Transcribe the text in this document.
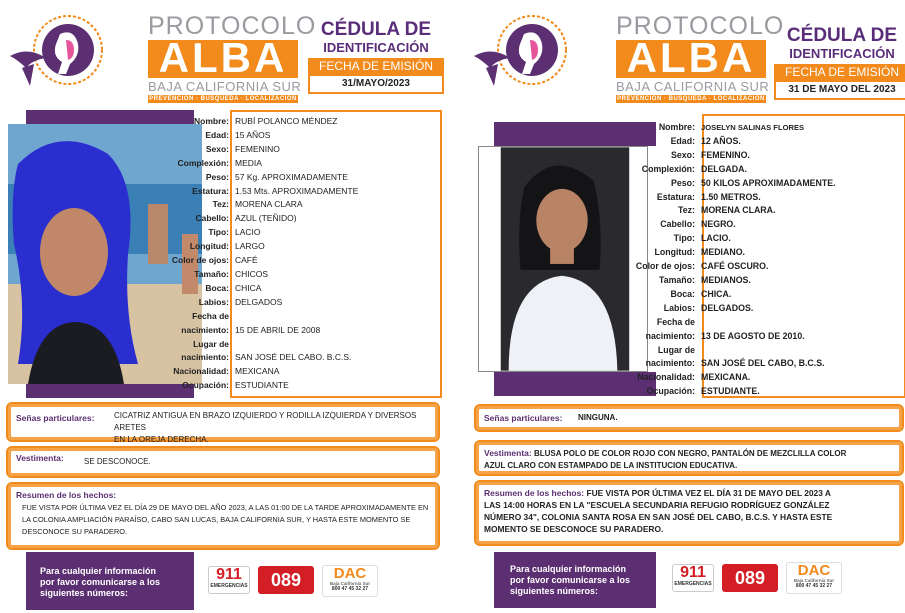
PROTOCOLO
ALBA
BAJA CALIFORNIA SUR
PREVENCIÓN · BÚSQUEDA · LOCALIZACIÓN
CÉDULA DE
IDENTIFICACIÓN
FECHA DE EMISIÓN
31/MAYO/2023
Nombre: RUBÍ POLANCO MÉNDEZ
Edad: 15 AÑOS
Sexo: FEMENINO
Complexión: MEDIA
Peso: 57 Kg. APROXIMADAMENTE
Estatura: 1.53 Mts. APROXIMADAMENTE
Tez: MORENA CLARA
Cabello: AZUL (TEÑIDO)
Tipo: LACIO
Longitud: LARGO
Color de ojos: CAFÉ
Tamaño: CHICOS
Boca: CHICA
Labios: DELGADOS
Fecha de
nacimiento: 15 DE ABRIL DE 2008
Lugar de
nacimiento: SAN JOSÉ DEL CABO. B.C.S.
Nacionalidad: MEXICANA
Ocupación: ESTUDIANTE
Señas particulares: CICATRIZ ANTIGUA EN BRAZO IZQUIERDO Y RODILLA IZQUIERDA Y DIVERSOS ARETES
EN LA OREJA DERECHA.
Vestimenta:	SE DESCONOCE.
Resumen de los hechos:
FUE VISTA POR ÚLTIMA VEZ EL DÍA 29 DE MAYO DEL AÑO 2023, A LAS 01:00 DE LA TARDE APROXIMADAMENTE EN
LA COLONIA AMPLIACIÓN PARAÍSO, CABO SAN LUCAS, BAJA CALIFORNIA SUR, Y HASTA ESTE MOMENTO SE
DESCONOCE SU PARADERO.
Para cualquier información
por favor comunicarse a los
siguientes números:
911
EMERGENCIAS	089	DAC
Baja California Sur
800 47 45 32 27
PROTOCOLO
ALBA
BAJA CALIFORNIA SUR
PREVENCIÓN · BÚSQUEDA · LOCALIZACIÓN
CÉDULA DE
IDENTIFICACIÓN
FECHA DE EMISIÓN
31 DE MAYO DEL 2023
Nombre: JOSELYN SALINAS FLORES
Edad: 12 AÑOS.
Sexo: FEMENINO.
Complexión: DELGADA.
Peso: 50 KILOS APROXIMADAMENTE.
Estatura: 1.50 METROS.
Tez: MORENA CLARA.
Cabello: NEGRO.
Tipo: LACIO.
Longitud: MEDIANO.
Color de ojos: CAFÉ OSCURO.
Tamaño: MEDIANOS.
Boca: CHICA.
Labios: DELGADOS.
Fecha de
nacimiento: 13 DE AGOSTO DE 2010.
Lugar de
nacimiento: SAN JOSÉ DEL CABO, B.C.S.
Nacionalidad: MEXICANA.
Ocupación: ESTUDIANTE.
Señas particulares: NINGUNA.
Vestimenta: BLUSA POLO DE COLOR ROJO CON NEGRO, PANTALÓN DE MEZCLILLA COLOR
AZUL CLARO CON ESTAMPADO DE LA INSTITUCION EDUCATIVA.
Resumen de los hechos: FUE VISTA POR ÚLTIMA VEZ EL DÍA 31 DE MAYO DEL 2023 A
LAS 14:00 HORAS EN LA "ESCUELA SECUNDARIA REFUGIO RODRÍGUEZ GONZÁLEZ
NÚMERO 34", COLONIA SANTA ROSA EN SAN JOSÉ DEL CABO, B.C.S. Y HASTA ESTE
MOMENTO SE DESCONOCE SU PARADERO.
Para cualquier información
por favor comunicarse a los
siguientes números:
911
EMERGENCIAS	089	DAC
Baja California Sur
800 47 45 32 27
